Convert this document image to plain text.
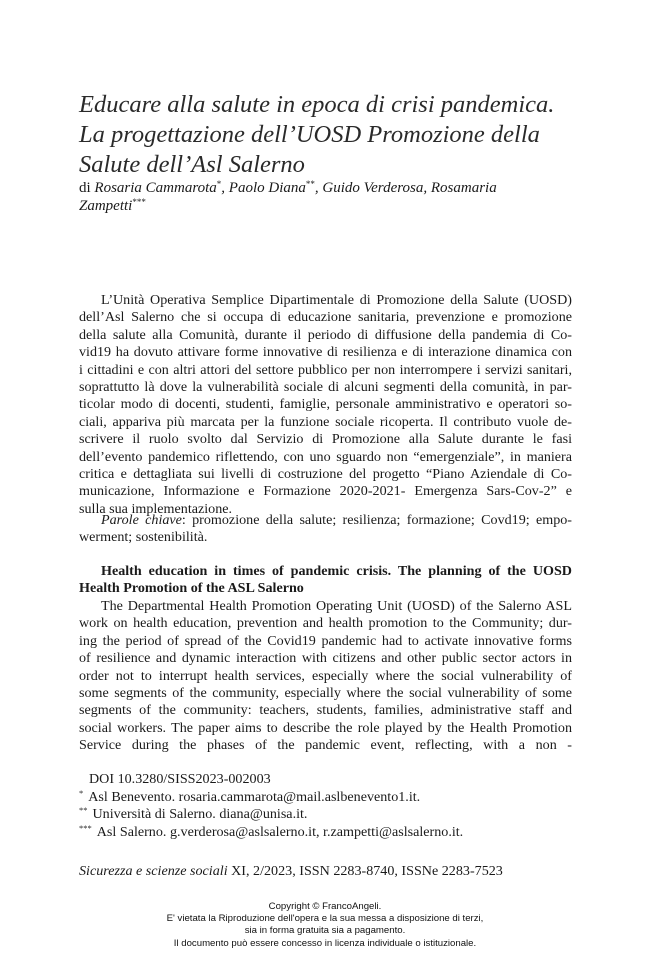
Educare alla salute in epoca di crisi pandemica.
La progettazione dell’UOSD Promozione della
Salute dell’Asl Salerno
di Rosaria Cammarota*, Paolo Diana**, Guido Verderosa, Rosamaria
Zampetti***
L’Unità Operativa Semplice Dipartimentale di Promozione della Salute (UOSD)
dell’Asl Salerno che si occupa di educazione sanitaria, prevenzione e promozione
della salute alla Comunità, durante il periodo di diffusione della pandemia di Co-
vid19 ha dovuto attivare forme innovative di resilienza e di interazione dinamica con
i cittadini e con altri attori del settore pubblico per non interrompere i servizi sanitari,
soprattutto là dove la vulnerabilità sociale di alcuni segmenti della comunità, in par-
ticolar modo di docenti, studenti, famiglie, personale amministrativo e operatori so-
ciali, appariva più marcata per la funzione sociale ricoperta. Il contributo vuole de-
scrivere il ruolo svolto dal Servizio di Promozione alla Salute durante le fasi
dell’evento pandemico riflettendo, con uno sguardo non “emergenziale”, in maniera
critica e dettagliata sui livelli di costruzione del progetto “Piano Aziendale di Co-
municazione, Informazione e Formazione 2020-2021- Emergenza Sars-Cov-2” e
sulla sua implementazione.
Parole chiave: promozione della salute; resilienza; formazione; Covd19; empo-
werment; sostenibilità.
Health education in times of pandemic crisis. The planning of the UOSD
Health Promotion of the ASL Salerno
The Departmental Health Promotion Operating Unit (UOSD) of the Salerno ASL
work on health education, prevention and health promotion to the Community; dur-
ing the period of spread of the Covid19 pandemic had to activate innovative forms
of resilience and dynamic interaction with citizens and other public sector actors in
order not to interrupt health services, especially where the social vulnerability of
some segments of the community, especially where the social vulnerability of some
segments of the community: teachers, students, families, administrative staff and
social workers. The paper aims to describe the role played by the Health Promotion
Service during the phases of the pandemic event, reflecting, with a non -
DOI 10.3280/SISS2023-002003
* Asl Benevento. rosaria.cammarota@mail.aslbenevento1.it.
** Università di Salerno. diana@unisa.it.
*** Asl Salerno. g.verderosa@aslsalerno.it, r.zampetti@aslsalerno.it.
Sicurezza e scienze sociali XI, 2/2023, ISSN 2283-8740, ISSNe 2283-7523
Copyright © FrancoAngeli.
E' vietata la Riproduzione dell'opera e la sua messa a disposizione di terzi,
sia in forma gratuita sia a pagamento.
Il documento può essere concesso in licenza individuale o istituzionale.
